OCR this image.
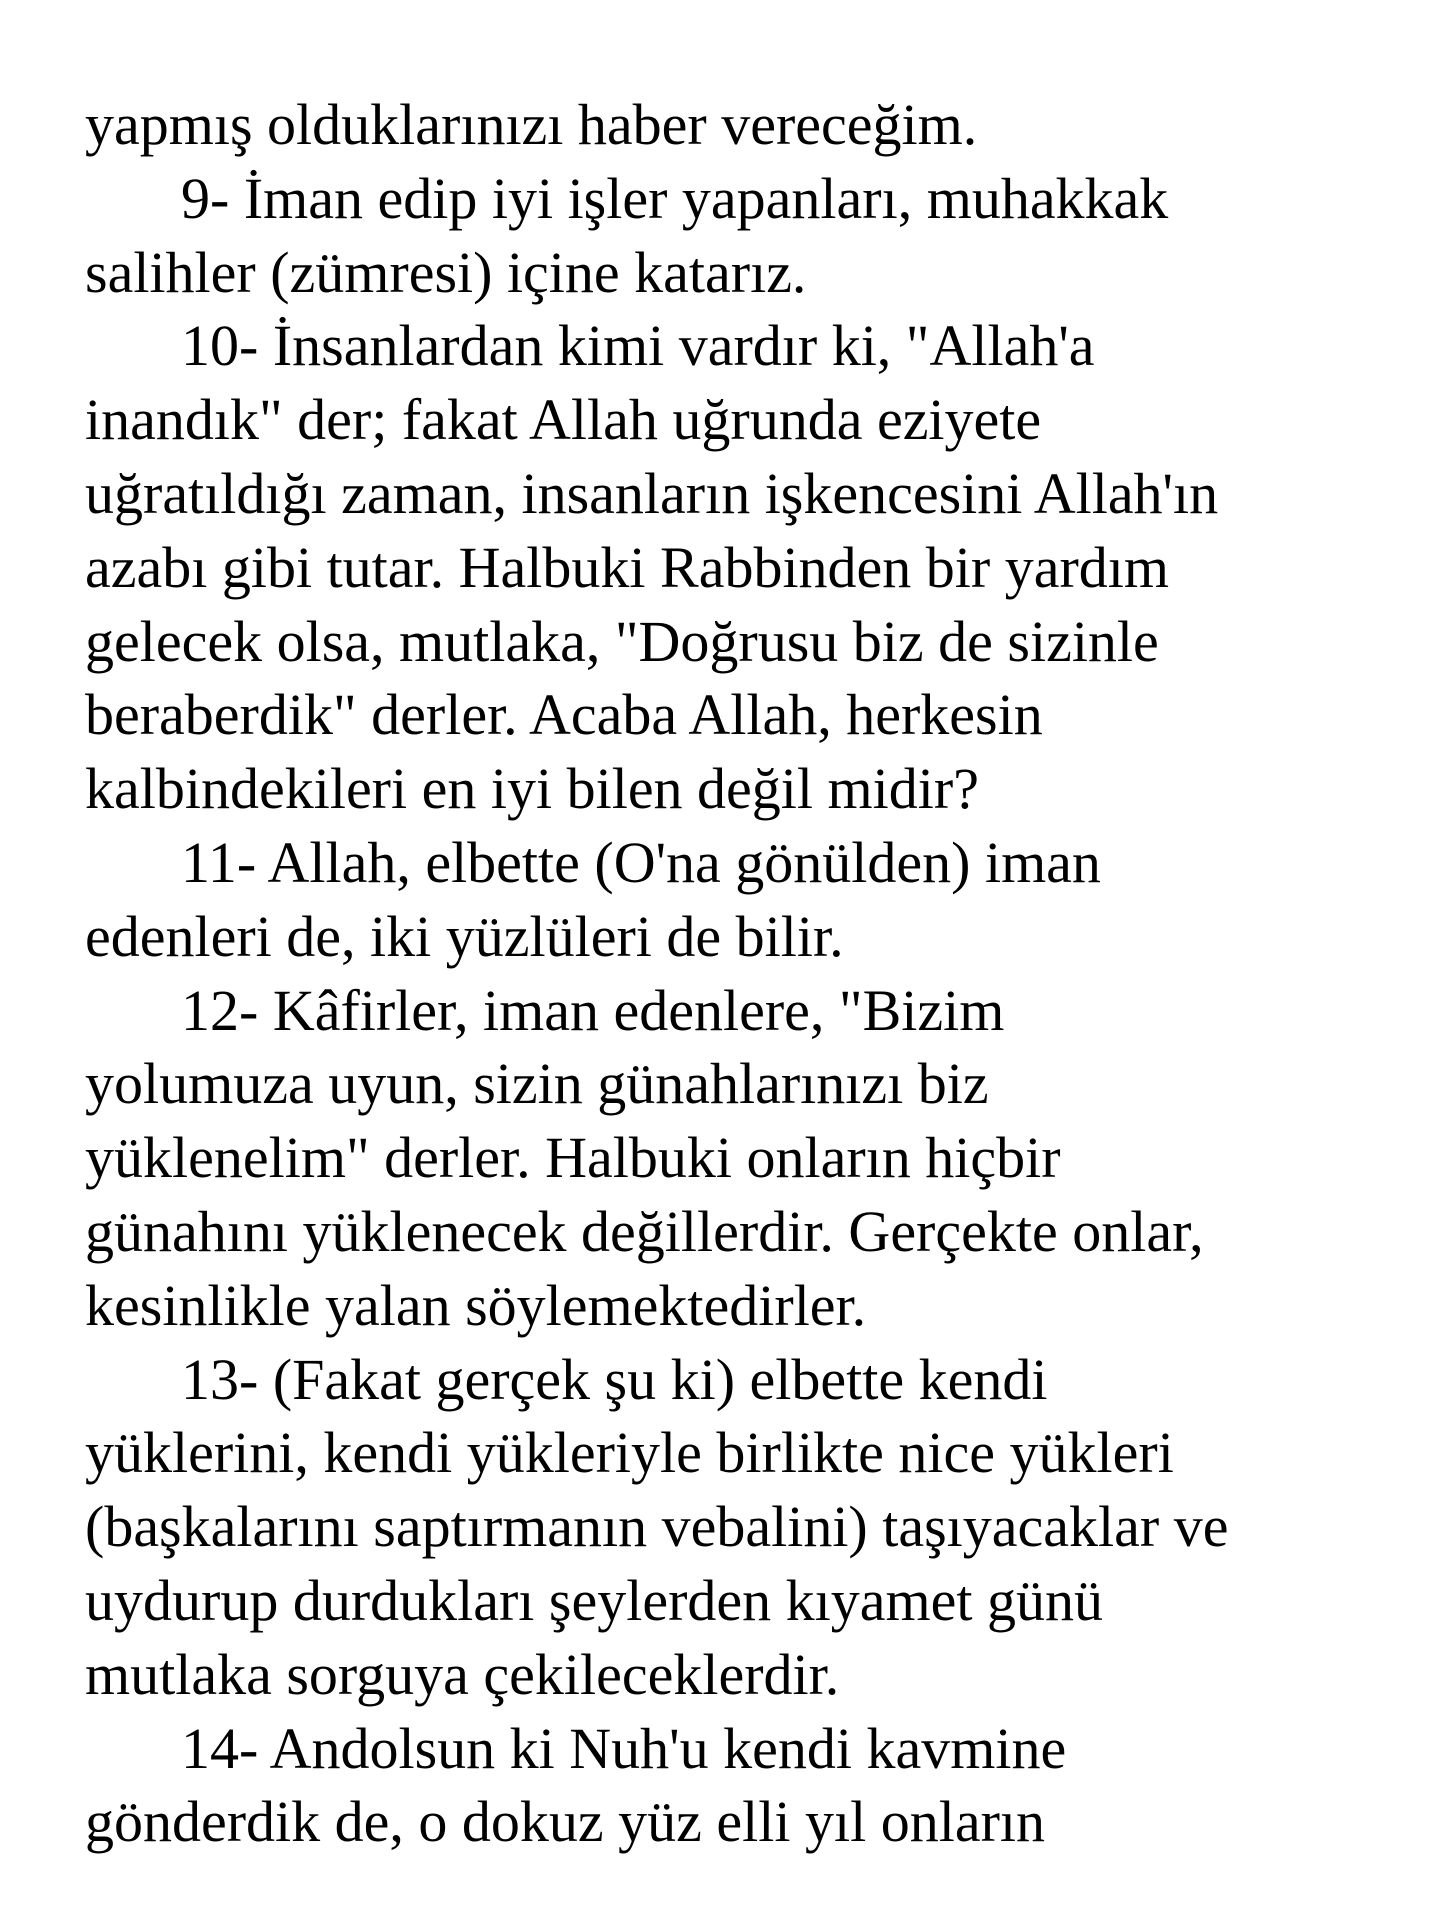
yapmış olduklarınızı haber vereceğim.
9- İman edip iyi işler yapanları, muhakkak
salihler (zümresi) içine katarız.
10- İnsanlardan kimi vardır ki, "Allah'a
inandık" der; fakat Allah uğrunda eziyete
uğratıldığı zaman, insanların işkencesini Allah'ın
azabı gibi tutar. Halbuki Rabbinden bir yardım
gelecek olsa, mutlaka, "Doğrusu biz de sizinle
beraberdik" derler. Acaba Allah, herkesin
kalbindekileri en iyi bilen değil midir?
11- Allah, elbette (O'na gönülden) iman
edenleri de, iki yüzlüleri de bilir.
12- Kâfirler, iman edenlere, "Bizim
yolumuza uyun, sizin günahlarınızı biz
yüklenelim" derler. Halbuki onların hiçbir
günahını yüklenecek değillerdir. Gerçekte onlar,
kesinlikle yalan söylemektedirler.
13- (Fakat gerçek şu ki) elbette kendi
yüklerini, kendi yükleriyle birlikte nice yükleri
(başkalarını saptırmanın vebalini) taşıyacaklar ve
uydurup durdukları şeylerden kıyamet günü
mutlaka sorguya çekileceklerdir.
14- Andolsun ki Nuh'u kendi kavmine
gönderdik de, o dokuz yüz elli yıl onların
